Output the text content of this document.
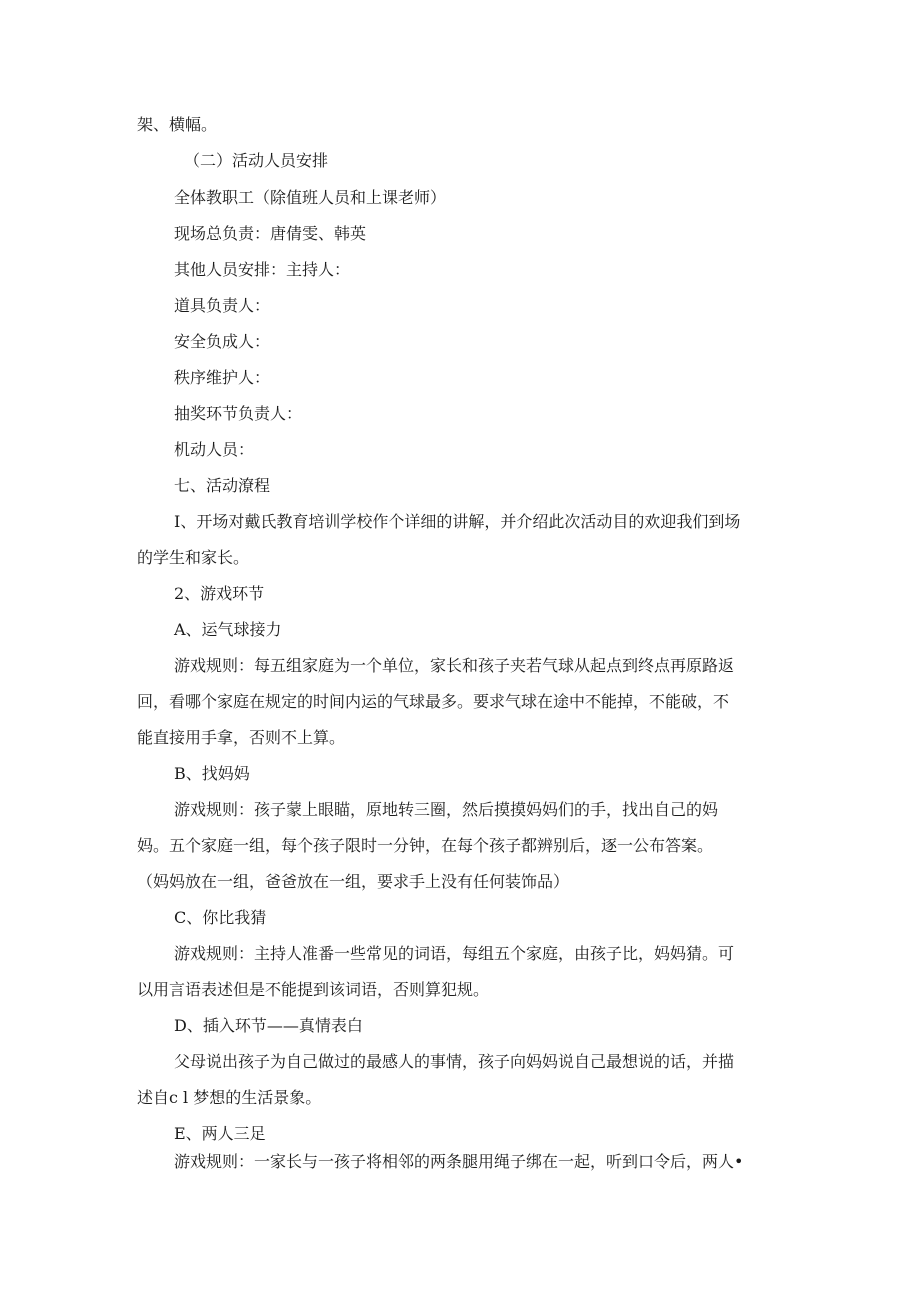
架、横幅。
（二）活动人员安排
全体教职工（除值班人员和上课老师）
现场总负责：唐倩雯、韩英
其他人员安排：主持人：
道具负责人：
安全负成人：
秩序维护人：
抽奖环节负责人：
机动人员：
七、活动潦程
I、开场对戴氏教育培训学校作个详细的讲解，并介绍此次活动目的欢迎我们到场
的学生和家长。
2、游戏环节
A、运气球接力
游戏规则：每五组家庭为一个单位，家长和孩子夹若气球从起点到终点再原路返
回，看哪个家庭在规定的时间内运的气球最多。要求气球在途中不能掉，不能破，不
能直接用手拿，否则不上算。
B、找妈妈
游戏规则：孩子蒙上眼瞄，原地转三圈，然后摸摸妈妈们的手，找出自己的妈
妈。五个家庭一组，每个孩子限时一分钟，在每个孩子都辨别后，逐一公布答案。
（妈妈放在一组，爸爸放在一组，要求手上没有任何装饰品）
C、你比我猜
游戏规则：主持人准番一些常见的词语，每组五个家庭，由孩子比，妈妈猜。可
以用言语表述但是不能提到该词语，否则算犯规。
D、插入环节——真情表白
父母说出孩子为自己做过的最感人的事情，孩子向妈妈说自己最想说的话，并描
述自c l 梦想的生活景象。
E、两人三足
游戏规则：一家长与一孩子将相邻的两条腿用绳子绑在一起，听到口令后，两人•
